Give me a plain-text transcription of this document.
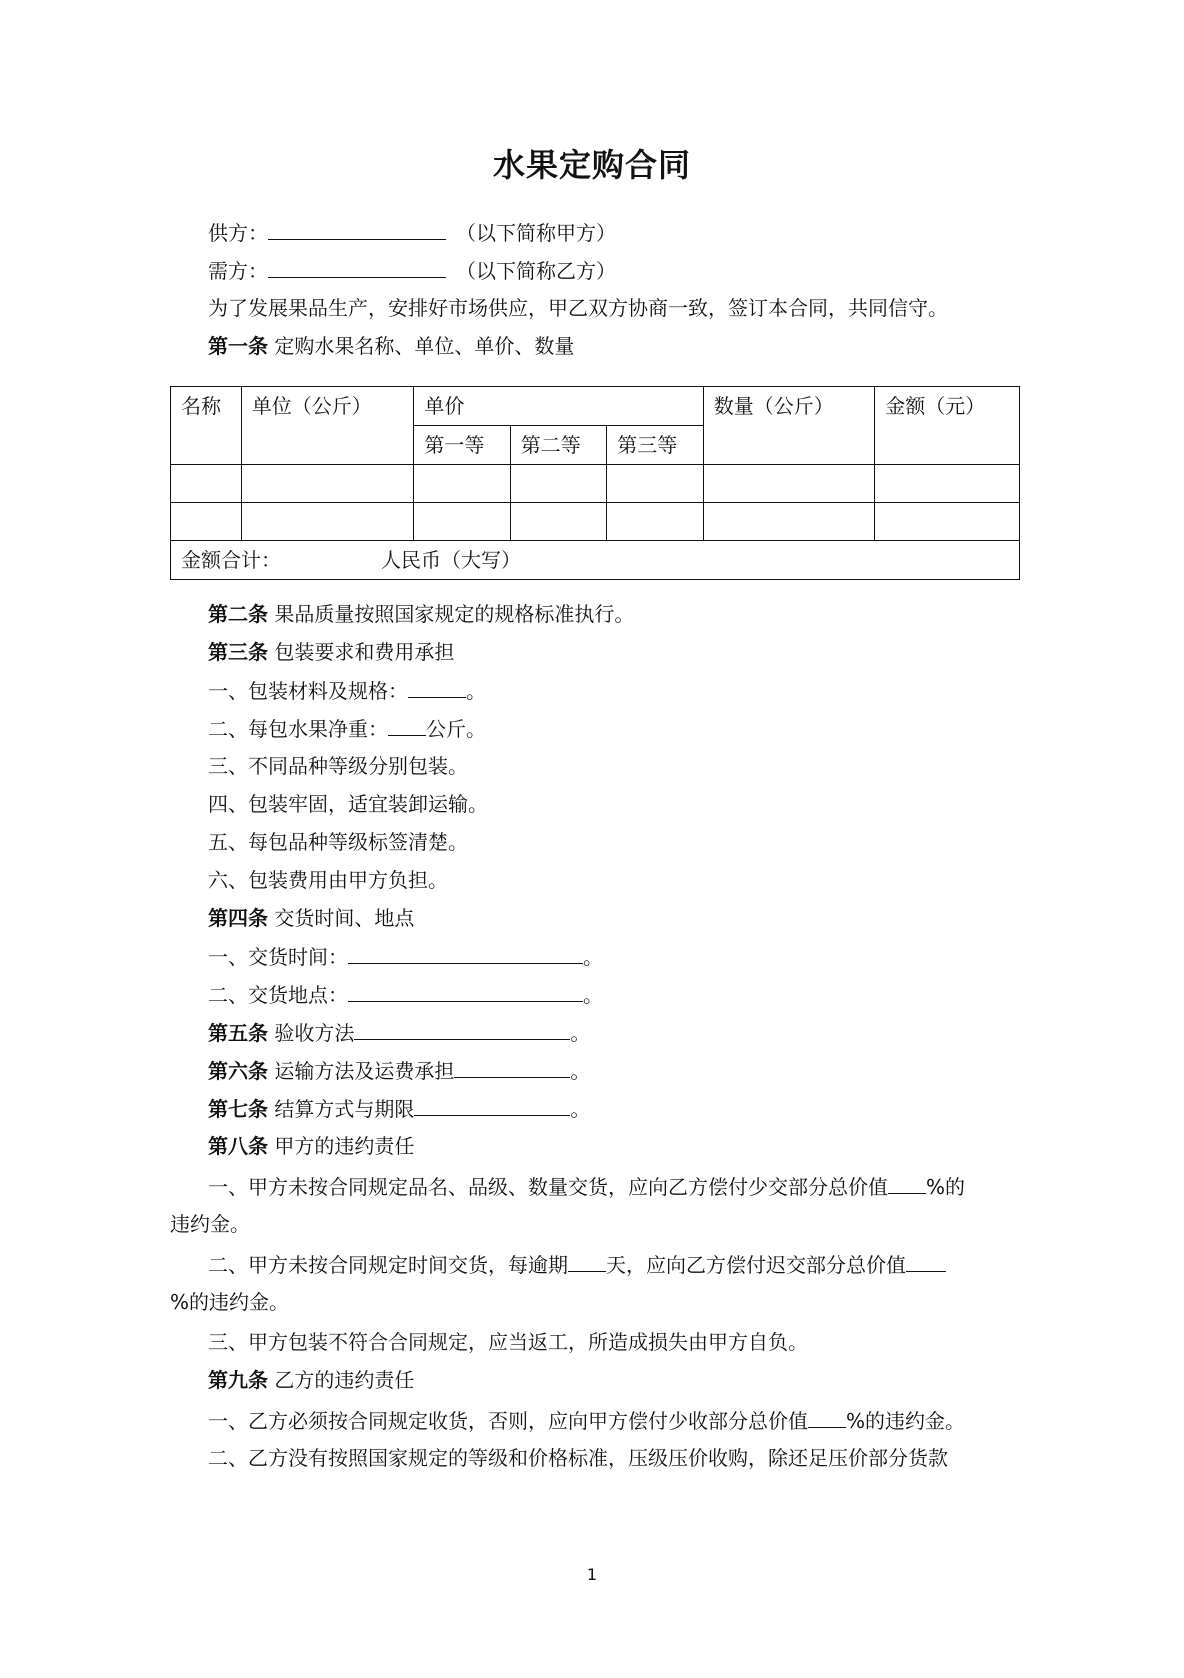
水果定购合同
供方：	（以下简称甲方）
需方：	（以下简称乙方）
为了发展果品生产，安排好市场供应，甲乙双方协商一致，签订本合同，共同信守。
第一条 定购水果名称、单位、单价、数量
名称	单位（公斤）	单价			数量（公斤）	金额（元）
		第一等	第二等	第三等		

金额合计： 人民币（大写）						
第二条 果品质量按照国家规定的规格标准执行。
第三条 包装要求和费用承担
一、包装材料及规格：	。
二、每包水果净重： 公斤。
三、不同品种等级分别包装。
四、包装牢固，适宜装卸运输。
五、每包品种等级标签清楚。
六、包装费用由甲方负担。
第四条 交货时间、地点
一、交货时间：	。
二、交货地点：	。
第五条 验收方法	。
第六条 运输方法及运费承担	。
第七条 结算方式与期限	。
第八条 甲方的违约责任
一、甲方未按合同规定品名、品级、数量交货，应向乙方偿付少交部分总价值 %的
违约金。
二、甲方未按合同规定时间交货，每逾期 天，应向乙方偿付迟交部分总价值
%的违约金。
三、甲方包装不符合合同规定，应当返工，所造成损失由甲方自负。
第九条 乙方的违约责任
一、乙方必须按合同规定收货，否则，应向甲方偿付少收部分总价值 %的违约金。
二、乙方没有按照国家规定的等级和价格标准，压级压价收购，除还足压价部分货款
1
